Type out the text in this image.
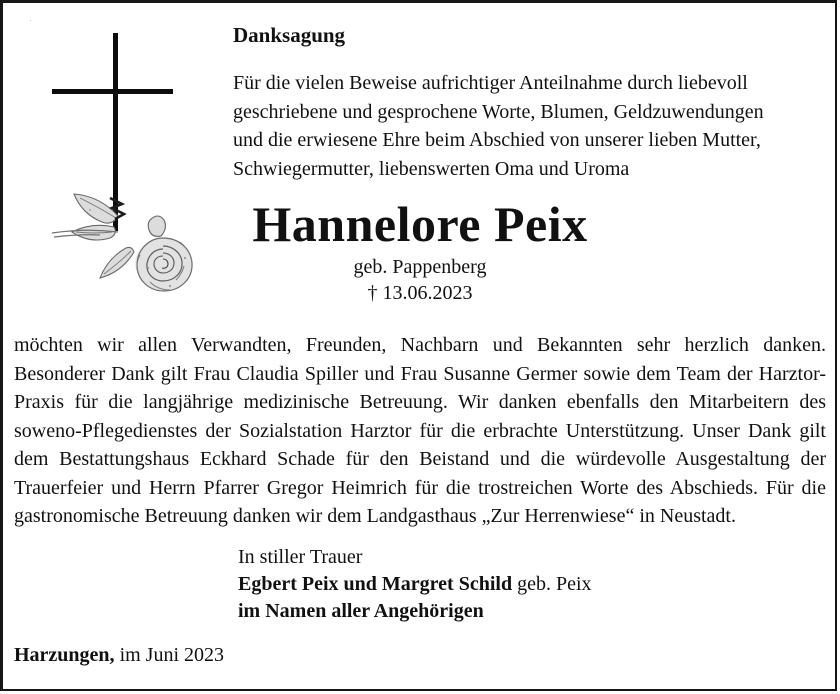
Danksagung
Für die vielen Beweise aufrichtiger Anteilnahme durch liebevoll
geschriebene und gesprochene Worte, Blumen, Geldzuwendungen
und die erwiesene Ehre beim Abschied von unserer lieben Mutter,
Schwiegermutter, liebenswerten Oma und Uroma
Hannelore Peix
geb. Pappenberg
† 13.06.2023
möchten wir allen Verwandten, Freunden, Nachbarn und Bekannten sehr herzlich danken.
Besonderer Dank gilt Frau Claudia Spiller und Frau Susanne Germer sowie dem Team der Harztor-
Praxis für die langjährige medizinische Betreuung. Wir danken ebenfalls den Mitarbeitern des
soweno-Pflegedienstes der Sozialstation Harztor für die erbrachte Unterstützung. Unser Dank gilt
dem Bestattungshaus Eckhard Schade für den Beistand und die würdevolle Ausgestaltung der
Trauerfeier und Herrn Pfarrer Gregor Heimrich für die trostreichen Worte des Abschieds. Für die
gastronomische Betreuung danken wir dem Landgasthaus „Zur Herrenwiese“ in Neustadt.
In stiller Trauer
Egbert Peix und Margret Schild geb. Peix
im Namen aller Angehörigen
Harzungen, im Juni 2023
